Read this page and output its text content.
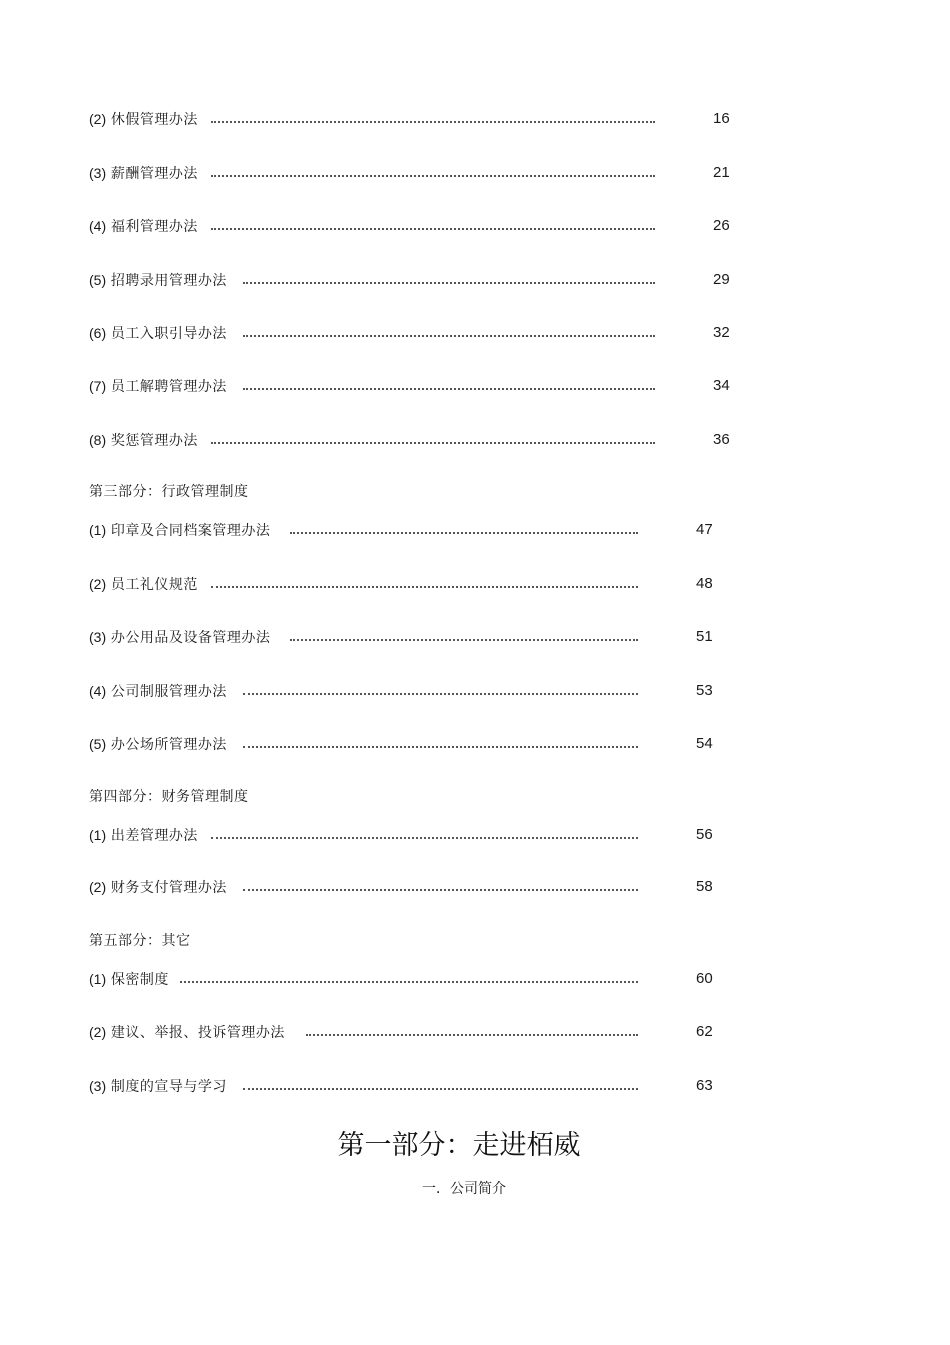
(2) 休假管理办法	16
(3) 薪酬管理办法	21
(4) 福利管理办法	26
(5) 招聘录用管理办法	29
(6) 员工入职引导办法	32
(7) 员工解聘管理办法	34
(8) 奖惩管理办法	36
第三部分：行政管理制度
(1) 印章及合同档案管理办法	47
(2) 员工礼仪规范	48
(3) 办公用品及设备管理办法	51
(4) 公司制服管理办法	53
(5) 办公场所管理办法	54
第四部分：财务管理制度
(1) 出差管理办法	56
(2) 财务支付管理办法	58
第五部分：其它
(1) 保密制度	60
(2) 建议、举报、投诉管理办法	62
(3) 制度的宣导与学习	63
第一部分：走进栢威
一．公司简介
